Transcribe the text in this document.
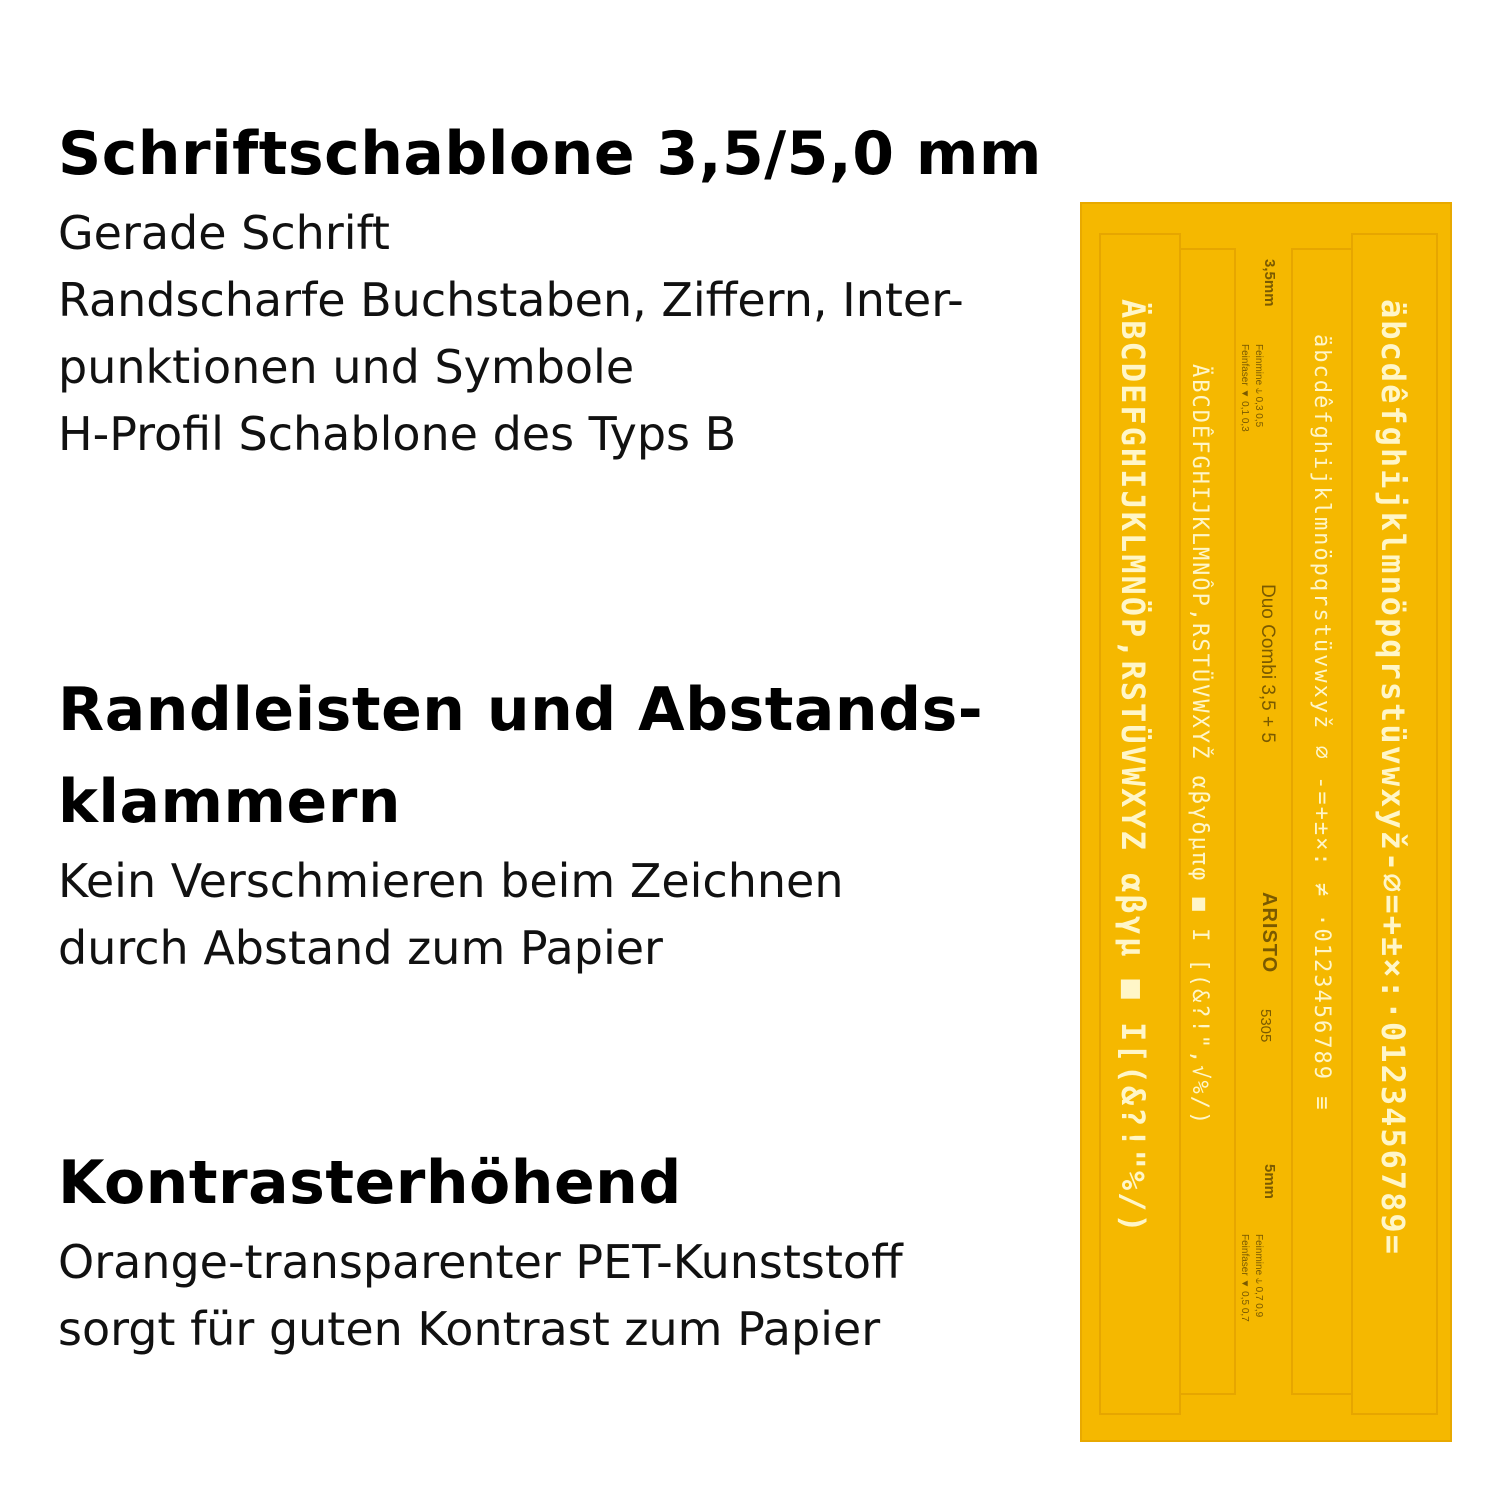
Schriftschablone 3,5/5,0 mm

Gerade Schrift

Randscharfe Buchstaben, Ziffern, Inter-

punktionen und Symbole

H-Profil Schablone des Typs B

Randleisten und Abstands-

klammern

Kein Verschmieren beim Zeichnen

durch Abstand zum Papier

Kontrasterhöhend

Orange-transparenter PET-Kunststoff

sorgt für guten Kontrast zum Papier

ÄBCDEFGHIJKLMNÖP,RSTÜVWXYZ αβγμ ■ I[(&?!"%/) ÄBCDÊFGHIJKLMNÔP,RSTÜVWXYŽ αβγδμπφ ■ I [(&?!",√%/)	äbcdêfghijklmnöpqrstüvwxyž ∅ -=+±×: ≠ ·0123456789 ≡ äbcdêfghijklmnöpqrstüvwxyž-∅=+±×:·0123456789=
3,5mm
Feinmine ⫝ 0,3 0,5
Feinfaser ▼ 0,1 0,3
Duo Combi 3,5 + 5
ARISTO
5305
5mm
Feinmine ⫝ 0,7 0,9
Feinfaser ▼ 0,5 0,7
